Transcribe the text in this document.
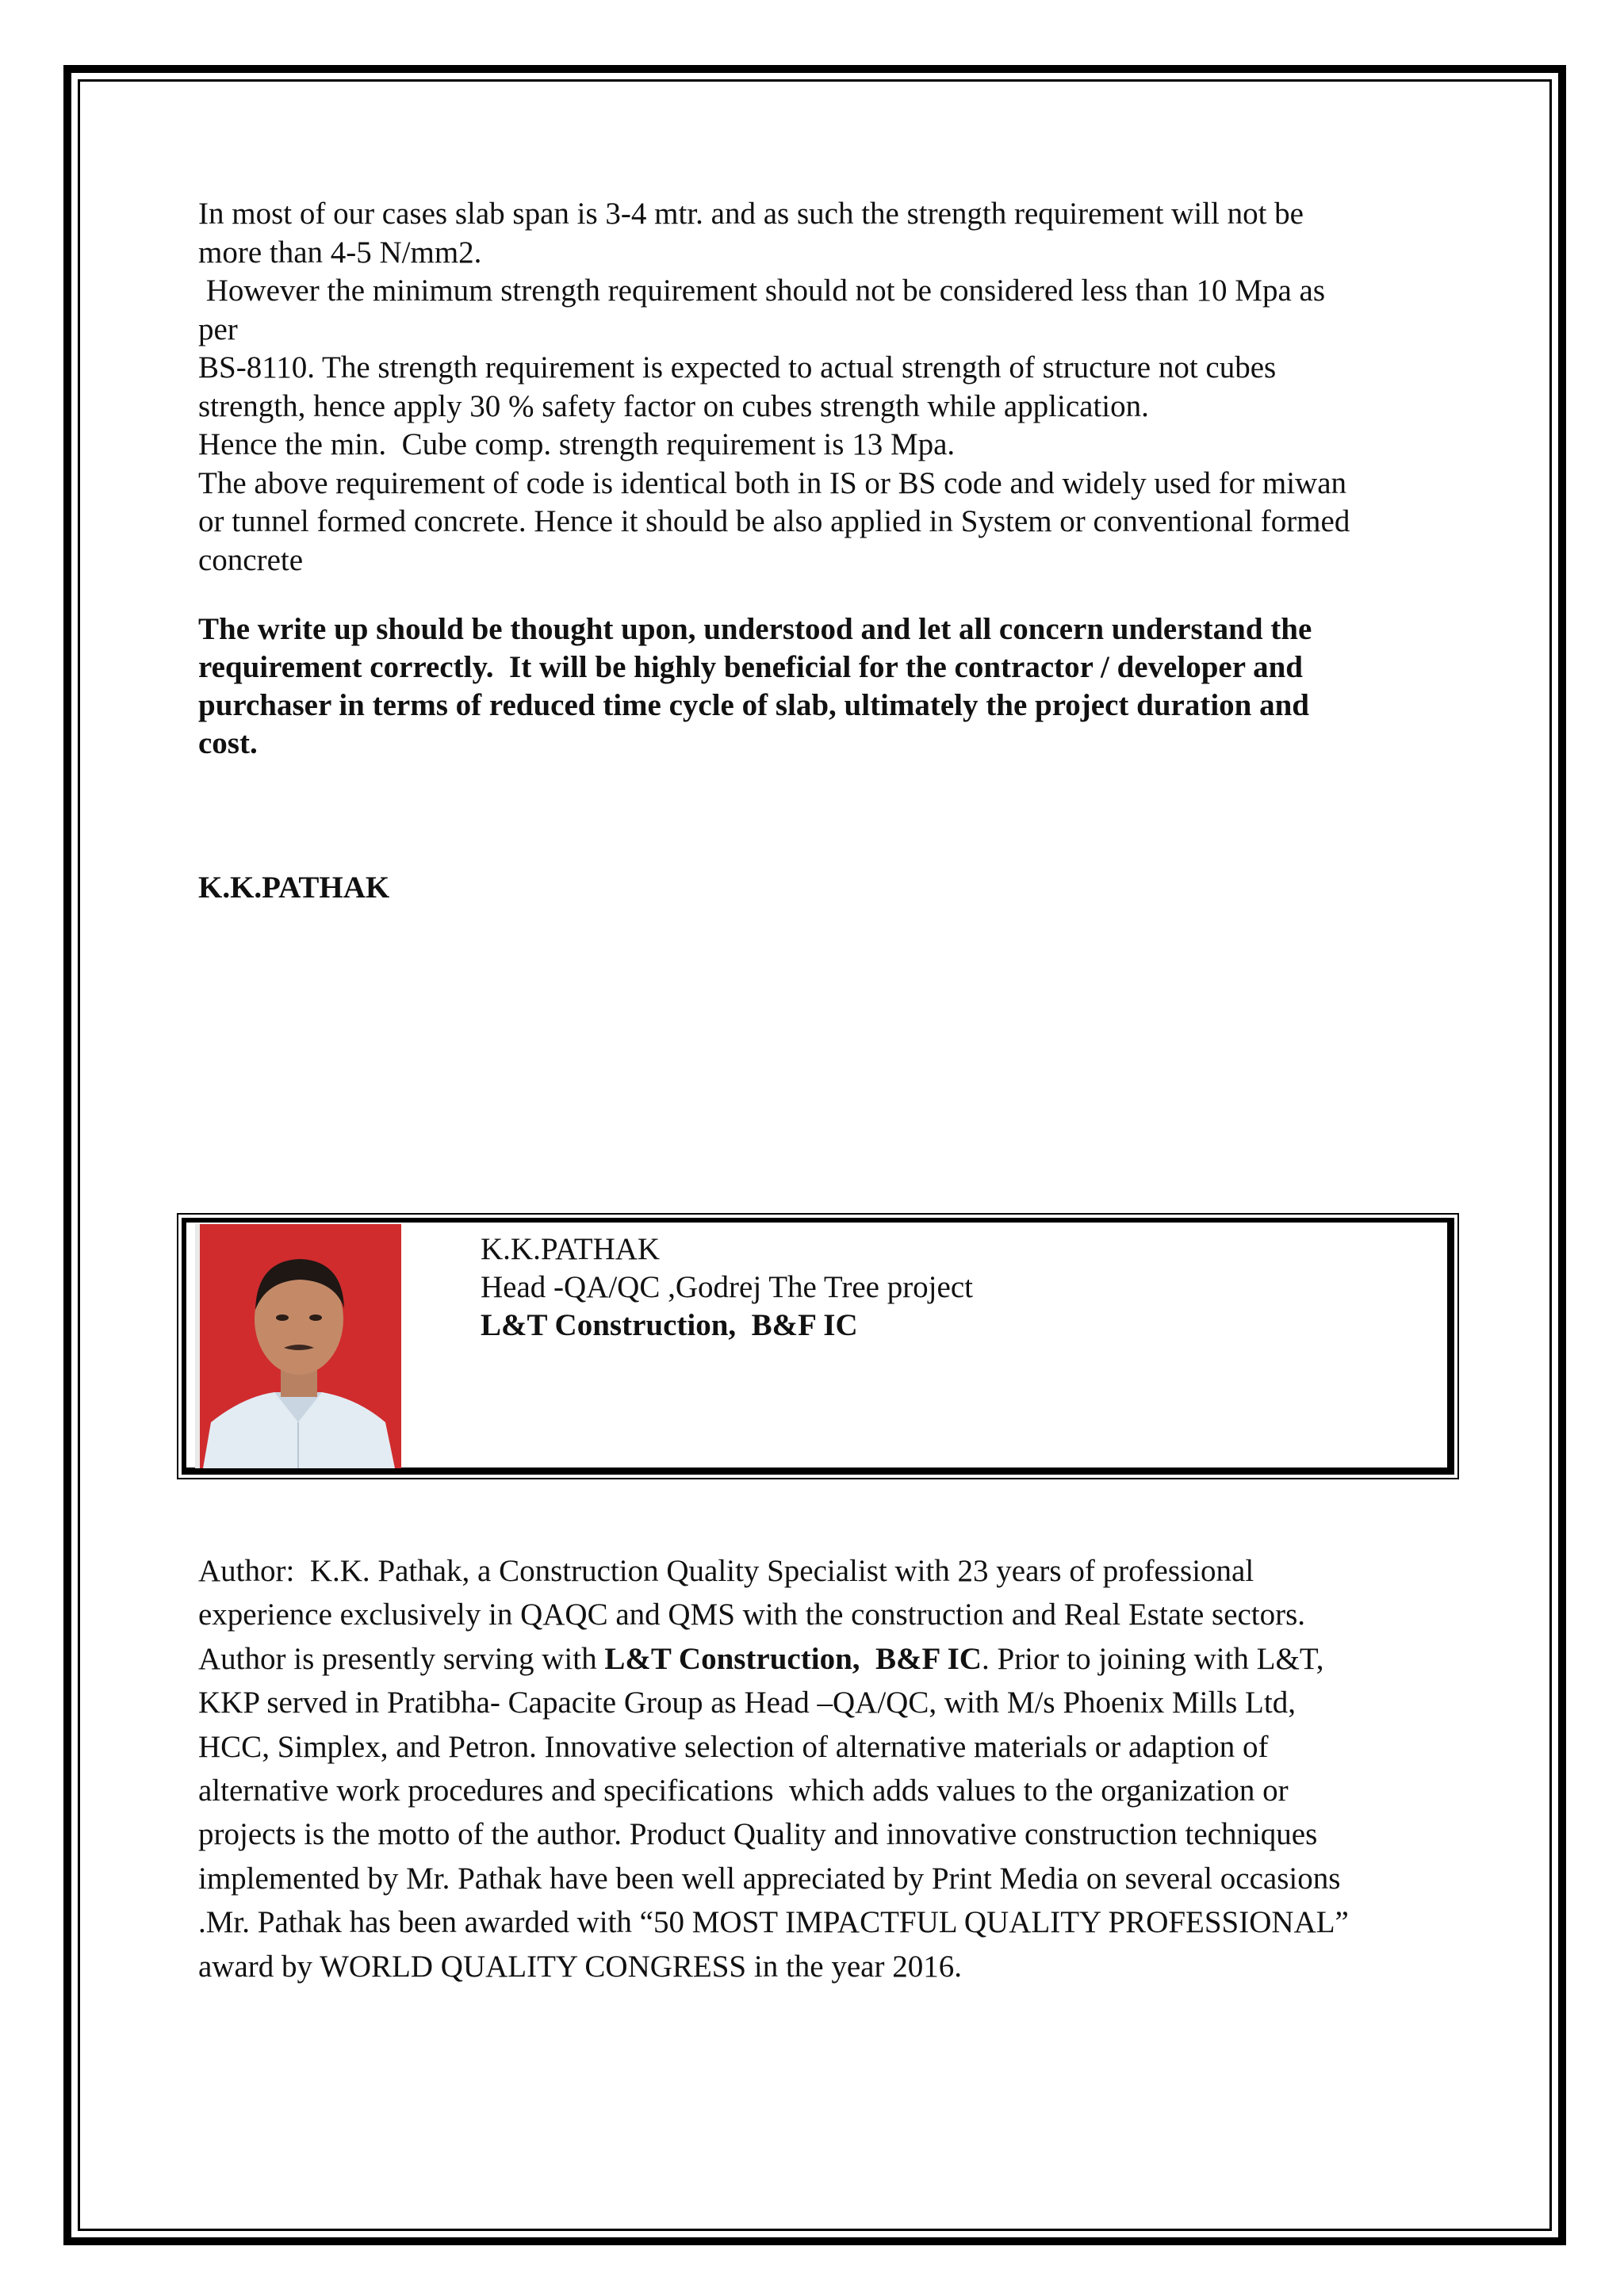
In most of our cases slab span is 3-4 mtr. and as such the strength requirement will not be
more than 4-5 N/mm2.
However the minimum strength requirement should not be considered less than 10 Mpa as
per
BS-8110. The strength requirement is expected to actual strength of structure not cubes
strength, hence apply 30 % safety factor on cubes strength while application.
Hence the min.  Cube comp. strength requirement is 13 Mpa.
The above requirement of code is identical both in IS or BS code and widely used for miwan
or tunnel formed concrete. Hence it should be also applied in System or conventional formed
concrete
The write up should be thought upon, understood and let all concern understand the
requirement correctly.  It will be highly beneficial for the contractor / developer and
purchaser in terms of reduced time cycle of slab, ultimately the project duration and
cost.
K.K.PATHAK
K.K.PATHAK
Head -QA/QC ,Godrej The Tree project
L&T Construction,  B&F IC
Author:  K.K. Pathak, a Construction Quality Specialist with 23 years of professional
experience exclusively in QAQC and QMS with the construction and Real Estate sectors.
Author is presently serving with L&T Construction,  B&F IC. Prior to joining with L&T,
KKP served in Pratibha- Capacite Group as Head –QA/QC, with M/s Phoenix Mills Ltd,
HCC, Simplex, and Petron. Innovative selection of alternative materials or adaption of
alternative work procedures and specifications  which adds values to the organization or
projects is the motto of the author. Product Quality and innovative construction techniques
implemented by Mr. Pathak have been well appreciated by Print Media on several occasions
.Mr. Pathak has been awarded with “50 MOST IMPACTFUL QUALITY PROFESSIONAL”
award by WORLD QUALITY CONGRESS in the year 2016.
